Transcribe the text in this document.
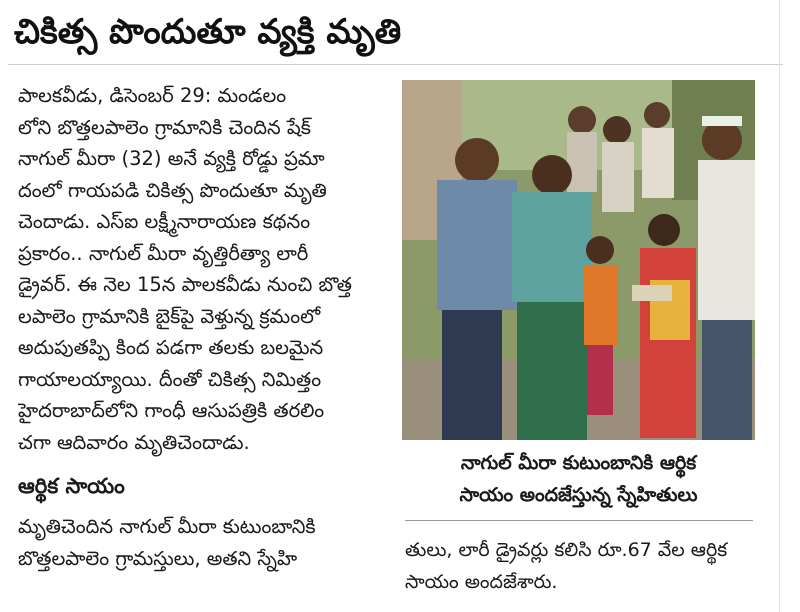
చికిత్స పొందుతూ వ్యక్తి మృతి
పాలకవీడు, డిసెంబర్ 29: మండలం
లోని బొత్తలపాలెం గ్రామానికి చెందిన షేక్
నాగుల్ మీరా (32) అనే వ్యక్తి రోడ్డు ప్రమా
దంలో గాయపడి చికిత్స పొందుతూ మృతి
చెందాడు. ఎస్ఐ లక్ష్మీనారాయణ కథనం
ప్రకారం.. నాగుల్ మీరా వృత్తిరీత్యా లారీ
డ్రైవర్. ఈ నెల 15న పాలకవీడు నుంచి బొత్త
లపాలెం గ్రామానికి బైక్‌పై వెళ్తున్న క్రమంలో
అదుపుతప్పి కింద పడగా తలకు బలమైన
గాయాలయ్యాయి. దీంతో చికిత్స నిమిత్తం
హైదరాబాద్‌లోని గాంధీ ఆసుపత్రికి తరలిం
చగా ఆదివారం మృతిచెందాడు.
ఆర్థిక సాయం
మృతిచెందిన నాగుల్ మీరా కుటుంబానికి
బొత్తలపాలెం గ్రామస్తులు, అతని స్నేహి
నాగుల్ మీరా కుటుంబానికి ఆర్థిక
సాయం అందజేస్తున్న స్నేహితులు
తులు, లారీ డ్రైవర్లు కలిసి రూ.67 వేల ఆర్థిక
సాయం అందజేశారు.
